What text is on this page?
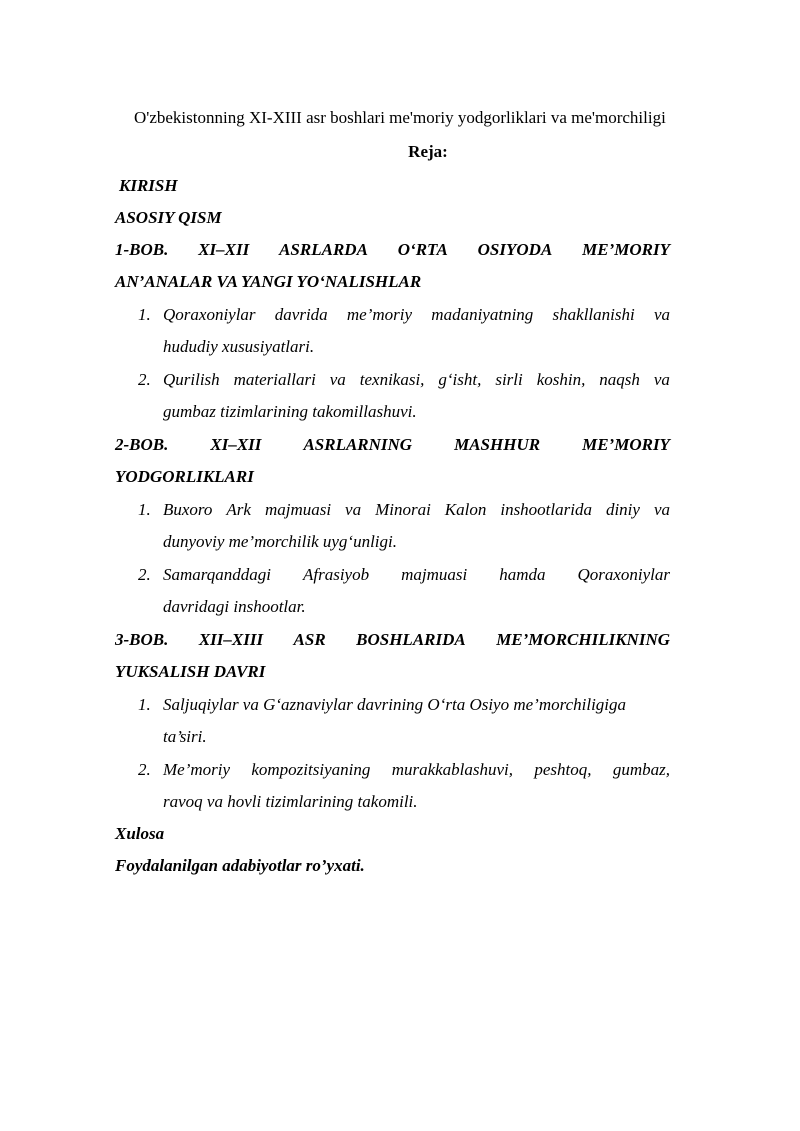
O'zbekistonning XI-XIII asr boshlari me'moriy yodgorliklari va me'morchiligi
Reja:
KIRISH
ASOSIY QISM
1-BOB. XI–XII ASRLARDA O‘RTA OSIYODA ME’MORIY
AN’ANALAR VA YANGI YO‘NALISHLAR
1. Qoraxoniylar davrida me’moriy madaniyatning shakllanishi va
hududiy xususiyatlari.
2. Qurilish materiallari va texnikasi, g‘isht, sirli koshin, naqsh va
gumbaz tizimlarining takomillashuvi.
2-BOB. XI–XII ASRLARNING MASHHUR ME’MORIY
YODGORLIKLARI
1. Buxoro Ark majmuasi va Minorai Kalon inshootlarida diniy va
dunyoviy me’morchilik uyg‘unligi.
2. Samarqanddagi Afrasiyob majmuasi hamda Qoraxoniylar
davridagi inshootlar.
3-BOB. XII–XIII ASR BOSHLARIDA ME’MORCHILIKNING
YUKSALISH DAVRI
1. Saljuqiylar va G‘aznaviylar davrining O‘rta Osiyo me’morchiligiga
ta’siri.
2. Me’moriy kompozitsiyaning murakkablashuvi, peshtoq, gumbaz,
ravoq va hovli tizimlarining takomili.
Xulosa
Foydalanilgan adabiyotlar ro’yxati.
